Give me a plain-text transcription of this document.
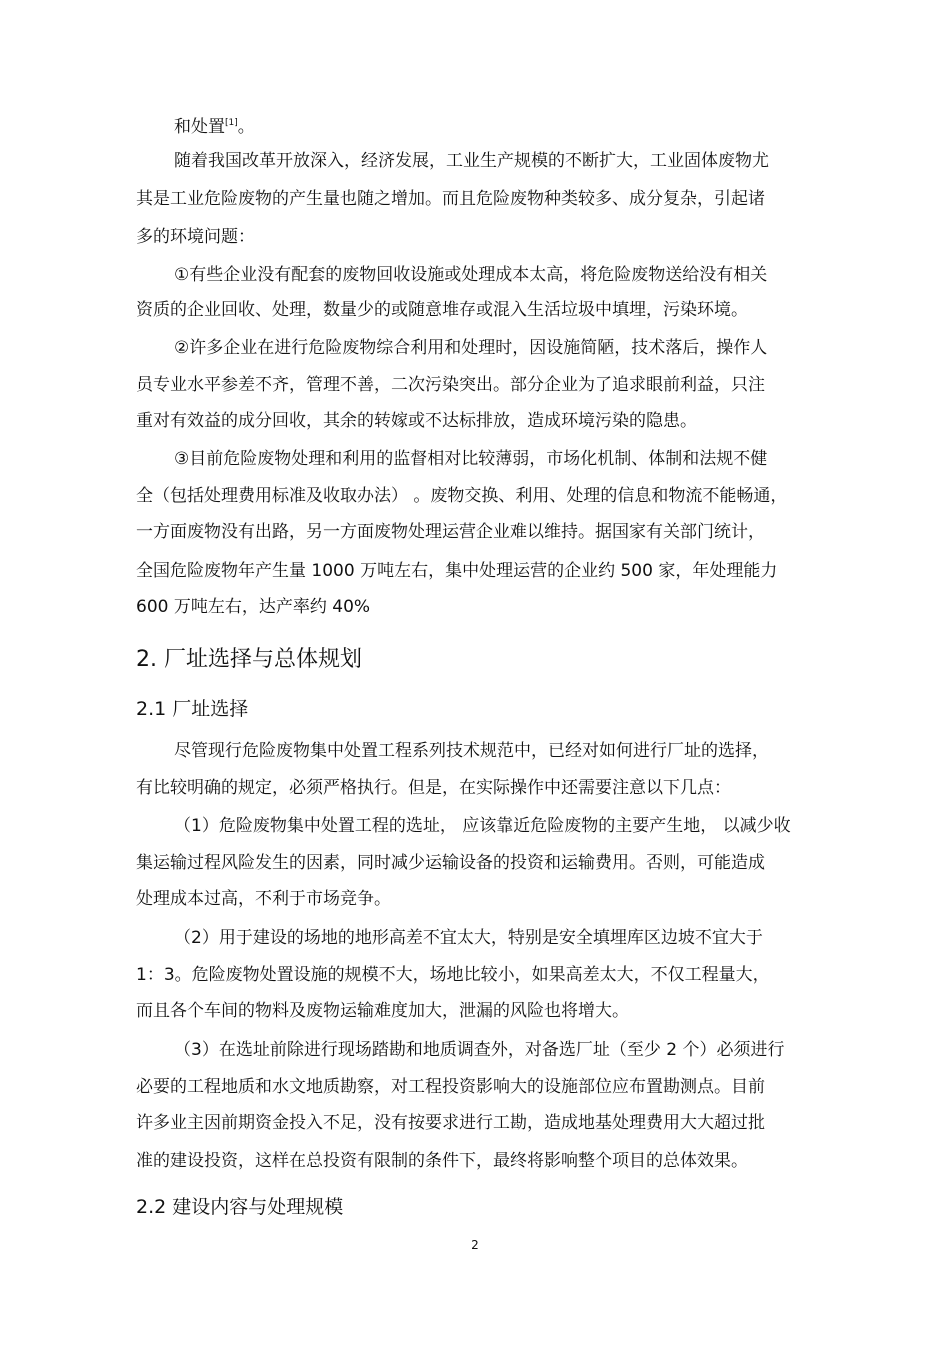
和处置[1]。
随着我国改革开放深入，经济发展，工业生产规模的不断扩大，工业固体废物尤
其是工业危险废物的产生量也随之增加。而且危险废物种类较多、成分复杂，引起诸
多的环境问题：
①有些企业没有配套的废物回收设施或处理成本太高，将危险废物送给没有相关
资质的企业回收、处理，数量少的或随意堆存或混入生活垃圾中填埋，污染环境。
②许多企业在进行危险废物综合利用和处理时，因设施简陋，技术落后，操作人
员专业水平参差不齐，管理不善，二次污染突出。部分企业为了追求眼前利益，只注
重对有效益的成分回收，其余的转嫁或不达标排放，造成环境污染的隐患。
③目前危险废物处理和利用的监督相对比较薄弱，市场化机制、体制和法规不健
全（包括处理费用标准及收取办法） 。废物交换、利用、处理的信息和物流不能畅通，
一方面废物没有出路，另一方面废物处理运营企业难以维持。据国家有关部门统计，
全国危险废物年产生量 1000 万吨左右，集中处理运营的企业约 500 家，年处理能力
600 万吨左右，达产率约 40%
2. 厂址选择与总体规划
2.1 厂址选择
尽管现行危险废物集中处置工程系列技术规范中，已经对如何进行厂址的选择，
有比较明确的规定，必须严格执行。但是，在实际操作中还需要注意以下几点：
（1）危险废物集中处置工程的选址， 应该靠近危险废物的主要产生地， 以减少收
集运输过程风险发生的因素，同时减少运输设备的投资和运输费用。否则，可能造成
处理成本过高，不利于市场竞争。
（2）用于建设的场地的地形高差不宜太大，特别是安全填埋库区边坡不宜大于
1：3。危险废物处置设施的规模不大，场地比较小，如果高差太大，不仅工程量大，
而且各个车间的物料及废物运输难度加大，泄漏的风险也将增大。
（3）在选址前除进行现场踏勘和地质调查外，对备选厂址（至少 2 个）必须进行
必要的工程地质和水文地质勘察，对工程投资影响大的设施部位应布置勘测点。目前
许多业主因前期资金投入不足，没有按要求进行工勘，造成地基处理费用大大超过批
准的建设投资，这样在总投资有限制的条件下，最终将影响整个项目的总体效果。
2.2 建设内容与处理规模
2
